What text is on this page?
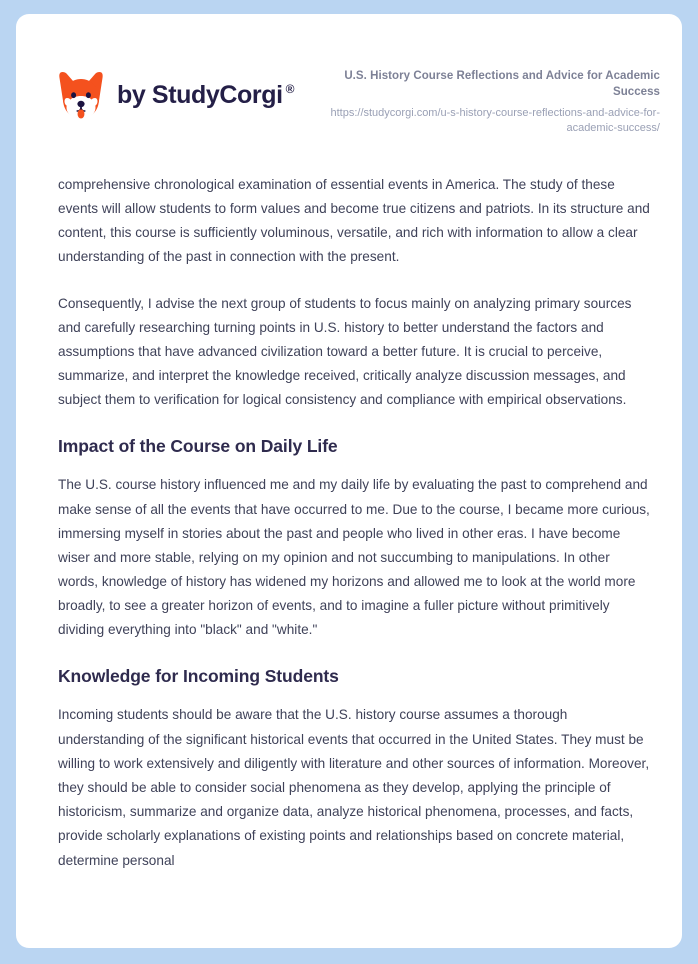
by StudyCorgi ®

U.S. History Course Reflections and Advice for Academic Success

https://studycorgi.com/u-s-history-course-reflections-and-advice-for-academic-success/

comprehensive chronological examination of essential events in America. The study of these events will allow students to form values and become true citizens and patriots. In its structure and content, this course is sufficiently voluminous, versatile, and rich with information to allow a clear understanding of the past in connection with the present.

Consequently, I advise the next group of students to focus mainly on analyzing primary sources and carefully researching turning points in U.S. history to better understand the factors and assumptions that have advanced civilization toward a better future. It is crucial to perceive, summarize, and interpret the knowledge received, critically analyze discussion messages, and subject them to verification for logical consistency and compliance with empirical observations.

Impact of the Course on Daily Life

The U.S. course history influenced me and my daily life by evaluating the past to comprehend and make sense of all the events that have occurred to me. Due to the course, I became more curious, immersing myself in stories about the past and people who lived in other eras. I have become wiser and more stable, relying on my opinion and not succumbing to manipulations. In other words, knowledge of history has widened my horizons and allowed me to look at the world more broadly, to see a greater horizon of events, and to imagine a fuller picture without primitively dividing everything into "black" and "white."

Knowledge for Incoming Students

Incoming students should be aware that the U.S. history course assumes a thorough understanding of the significant historical events that occurred in the United States. They must be willing to work extensively and diligently with literature and other sources of information. Moreover, they should be able to consider social phenomena as they develop, applying the principle of historicism, summarize and organize data, analyze historical phenomena, processes, and facts, provide scholarly explanations of existing points and relationships based on concrete material, determine personal
